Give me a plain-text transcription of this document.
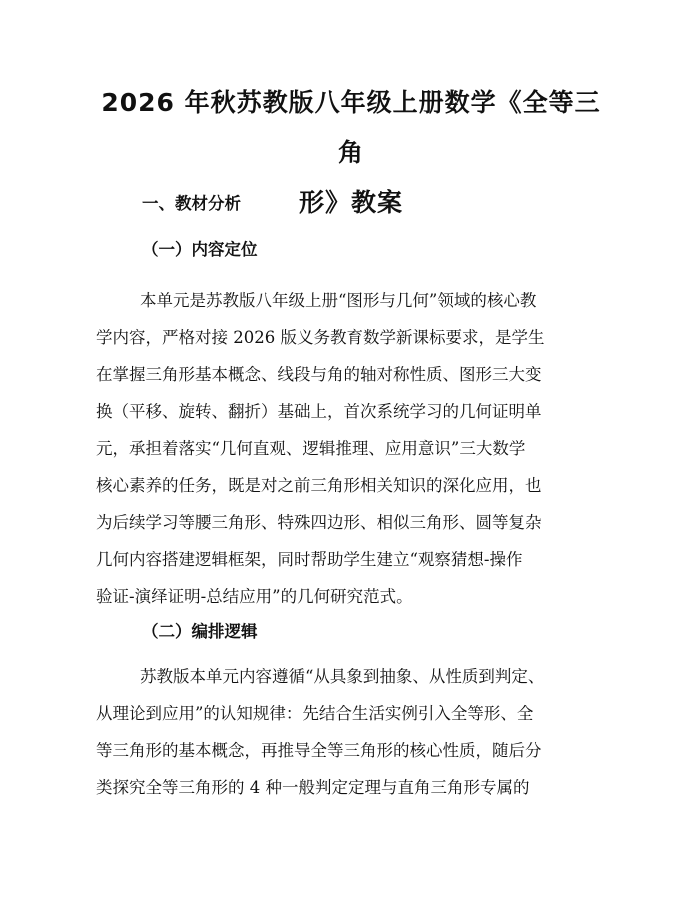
2026 年秋苏教版八年级上册数学《全等三角
形》教案
一、教材分析
（一）内容定位

本单元是苏教版八年级上册“图形与几何”领域的核心教
学内容，严格对接 2026 版义务教育数学新课标要求，是学生
在掌握三角形基本概念、线段与角的轴对称性质、图形三大变
换（平移、旋转、翻折）基础上，首次系统学习的几何证明单
元，承担着落实“几何直观、逻辑推理、应用意识”三大数学
核心素养的任务，既是对之前三角形相关知识的深化应用，也
为后续学习等腰三角形、特殊四边形、相似三角形、圆等复杂
几何内容搭建逻辑框架，同时帮助学生建立“观察猜想-操作
验证-演绎证明-总结应用”的几何研究范式。

（二）编排逻辑

苏教版本单元内容遵循“从具象到抽象、从性质到判定、
从理论到应用”的认知规律：先结合生活实例引入全等形、全
等三角形的基本概念，再推导全等三角形的核心性质，随后分
类探究全等三角形的 4 种一般判定定理与直角三角形专属的
